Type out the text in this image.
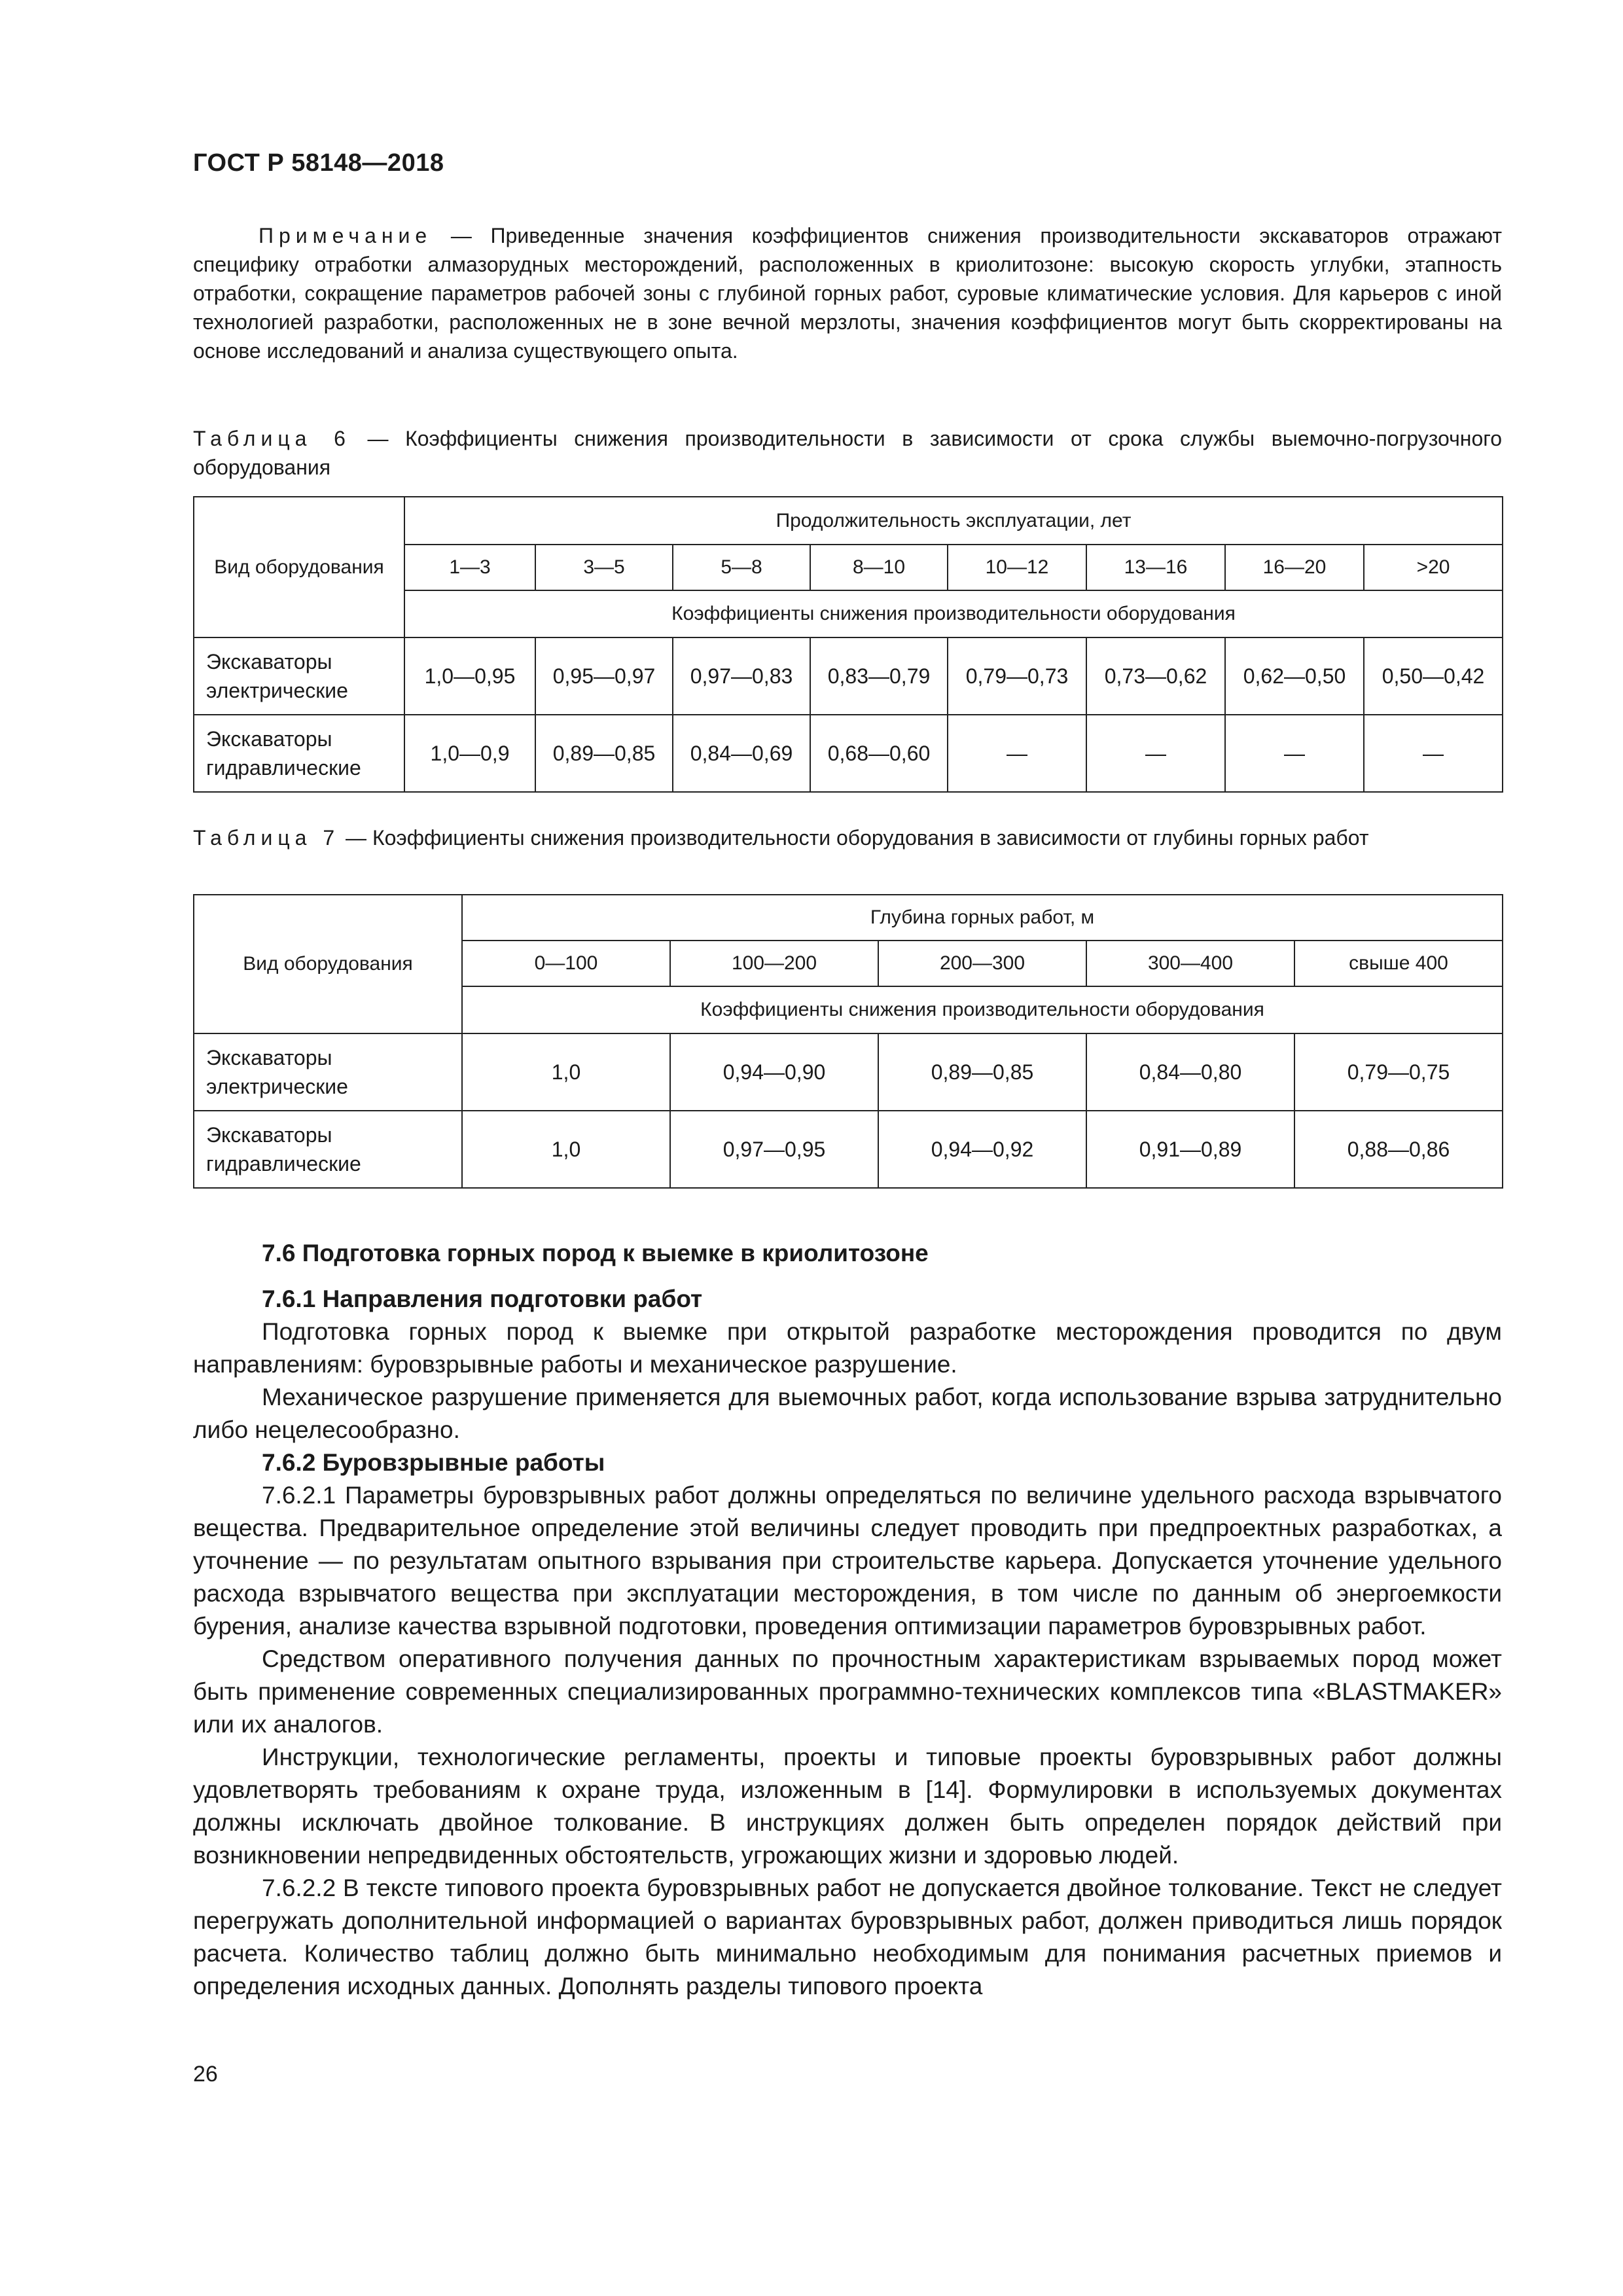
ГОСТ Р 58148—2018

Примечание — Приведенные значения коэффициентов снижения производительности экскаваторов отражают специфику отработки алмазорудных месторождений, расположенных в криолитозоне: высокую скорость углубки, этапность отработки, сокращение параметров рабочей зоны с глубиной горных работ, суровые климатические условия. Для карьеров с иной технологией разработки, расположенных не в зоне вечной мерзлоты, значения коэффициентов могут быть скорректированы на основе исследований и анализа существующего опыта.

Таблица 6 — Коэффициенты снижения производительности в зависимости от срока службы выемочно-погрузочного оборудования
Вид оборудования	Продолжительность эксплуатации, лет							
	1—3	3—5	5—8	8—10	10—12	13—16	16—20	>20
	Коэффициенты снижения производительности оборудования							
Экскаваторы электрические	1,0—0,95	0,95—0,97	0,97—0,83	0,83—0,79	0,79—0,73	0,73—0,62	0,62—0,50	0,50—0,42
Экскаваторы гидравлические	1,0—0,9	0,89—0,85	0,84—0,69	0,68—0,60	—	—	—	—
Таблица 7 — Коэффициенты снижения производительности оборудования в зависимости от глубины горных работ
Вид оборудования	Глубина горных работ, м				
	0—100	100—200	200—300	300—400	свыше 400
	Коэффициенты снижения производительности оборудования				
Экскаваторы электрические	1,0	0,94—0,90	0,89—0,85	0,84—0,80	0,79—0,75
Экскаваторы гидравлические	1,0	0,97—0,95	0,94—0,92	0,91—0,89	0,88—0,86
7.6 Подготовка горных пород к выемке в криолитозоне
7.6.1 Направления подготовки работ

Подготовка горных пород к выемке при открытой разработке месторождения проводится по двум направлениям: буровзрывные работы и механическое разрушение.

Механическое разрушение применяется для выемочных работ, когда использование взрыва затруднительно либо нецелесообразно.

7.6.2 Буровзрывные работы

7.6.2.1 Параметры буровзрывных работ должны определяться по величине удельного расхода взрывчатого вещества. Предварительное определение этой величины следует проводить при предпроектных разработках, а уточнение — по результатам опытного взрывания при строительстве карьера. Допускается уточнение удельного расхода взрывчатого вещества при эксплуатации месторождения, в том числе по данным об энергоемкости бурения, анализе качества взрывной подготовки, проведения оптимизации параметров буровзрывных работ.

Средством оперативного получения данных по прочностным характеристикам взрываемых пород может быть применение современных специализированных программно-технических комплексов типа «BLASTMAKER» или их аналогов.

Инструкции, технологические регламенты, проекты и типовые проекты буровзрывных работ должны удовлетворять требованиям к охране труда, изложенным в [14]. Формулировки в используемых документах должны исключать двойное толкование. В инструкциях должен быть определен порядок действий при возникновении непредвиденных обстоятельств, угрожающих жизни и здоровью людей.

7.6.2.2 В тексте типового проекта буровзрывных работ не допускается двойное толкование. Текст не следует перегружать дополнительной информацией о вариантах буровзрывных работ, должен приводиться лишь порядок расчета. Количество таблиц должно быть минимально необходимым для понимания расчетных приемов и определения исходных данных. Дополнять разделы типового проекта

26
